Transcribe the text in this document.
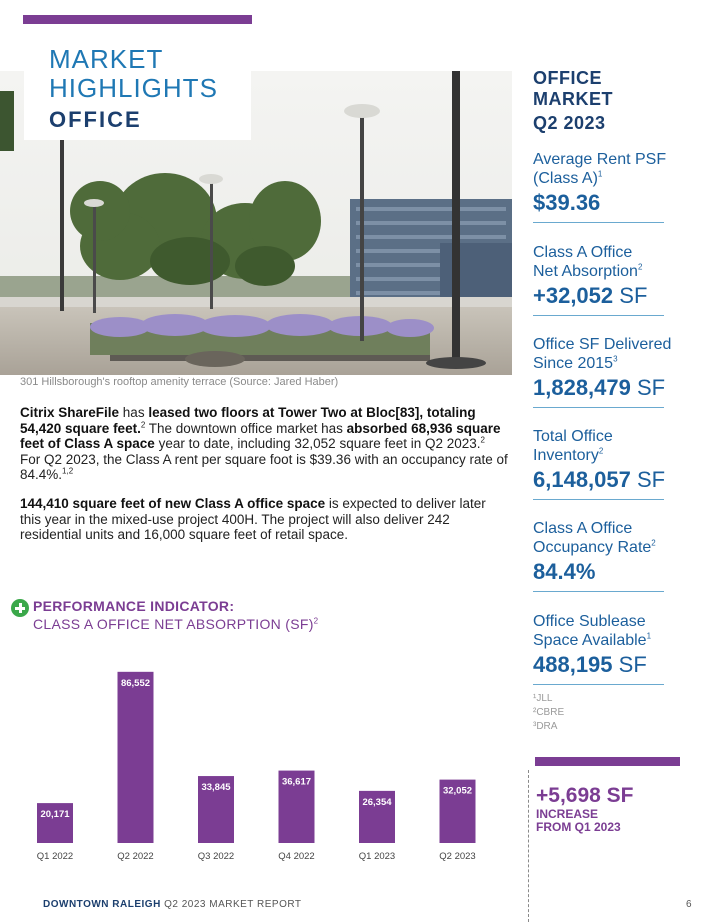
MARKET
HIGHLIGHTS
OFFICE
301 Hillsborough's rooftop amenity terrace (Source: Jared Haber)
Citrix ShareFile has leased two floors at Tower Two at Bloc[83], totaling 54,420 square feet.$^2$ The downtown office market has absorbed 68,936 square feet of Class A space year to date, including 32,052 square feet in Q2 2023.$^2$ For Q2 2023, the Class A rent per square foot is $39.36 with an occupancy rate of 84.4%.$^{1,2}$
144,410 square feet of new Class A office space is expected to deliver later this year in the mixed-use project 400H. The project will also deliver 242 residential units and 16,000 square feet of retail space.
PERFORMANCE INDICATOR:
CLASS A OFFICE NET ABSORPTION (SF)$^2$
20,171
Q1 2022
86,552
Q2 2022
33,845
Q3 2022
36,617
Q4 2022
26,354
Q1 2023
32,052
Q2 2023
OFFICE
MARKET
Q2 2023
Average Rent PSF
(Class A)$^1$
$39.36
Class A Office
Net Absorption$^2$
+32,052 SF
Office SF Delivered
Since 2015$^3$
1,828,479 SF
Total Office
Inventory$^2$
6,148,057 SF
Class A Office
Occupancy Rate$^2$
84.4%
Office Sublease
Space Available$^1$
488,195 SF
¹JLL
²CBRE
³DRA
+5,698 SF
INCREASE
FROM Q1 2023
DOWNTOWN RALEIGH Q2 2023 MARKET REPORT	6
